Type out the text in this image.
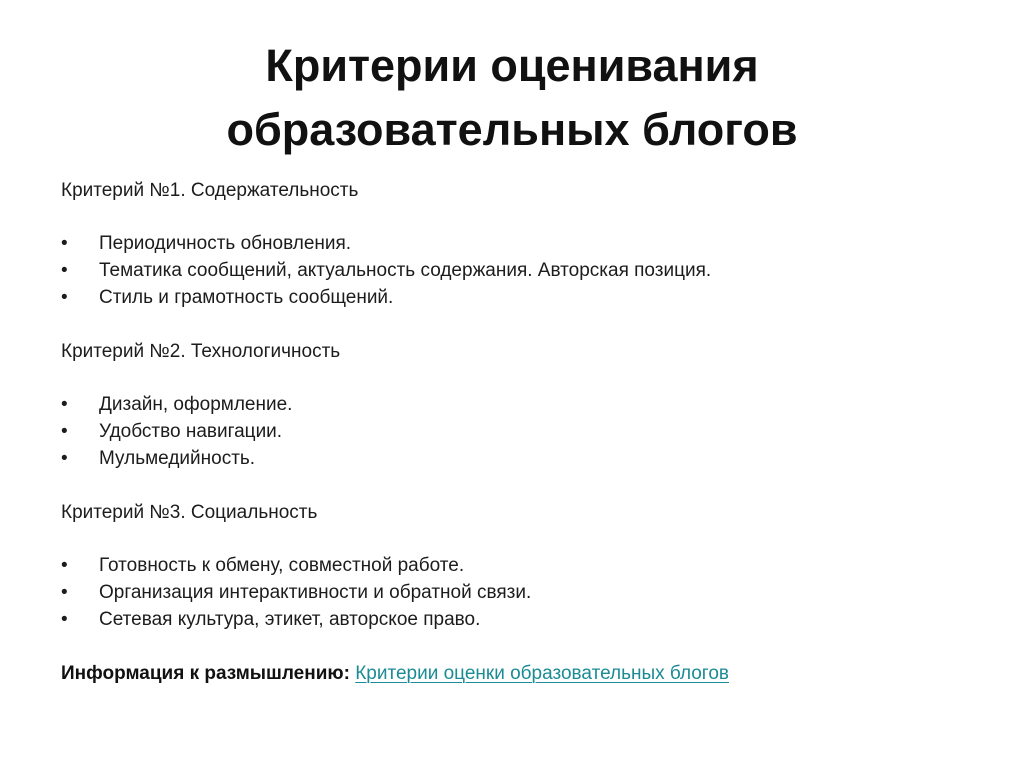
Критерии оценивания
образовательных блогов

Критерий №1. Содержательность

• Периодичность обновления.
• Тематика сообщений, актуальность содержания. Авторская позиция.
• Стиль и грамотность сообщений.

Критерий №2. Технологичность

• Дизайн, оформление.
• Удобство навигации.
• Мульмедийность.

Критерий №3. Социальность

• Готовность к обмену, совместной работе.
• Организация интерактивности и обратной связи.
• Сетевая культура, этикет, авторское право.

Информация к размышлению: Критерии оценки образовательных блогов
